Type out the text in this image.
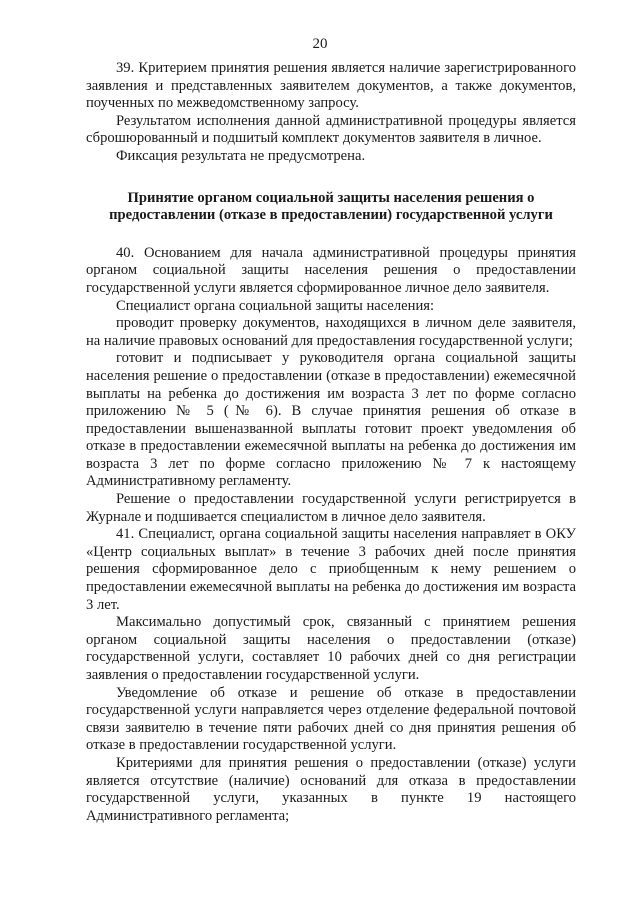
20

39. Критерием принятия решения является наличие зарегистрированного заявления и представленных заявителем документов, а также документов, поученных по межведомственному запросу.

Результатом исполнения данной административной процедуры является сброшюрованный и подшитый комплект документов заявителя в личное.

Фиксация результата не предусмотрена.

Принятие органом социальной защиты населения решения о предоставлении (отказе в предоставлении) государственной услуги

40. Основанием для начала административной процедуры принятия органом социальной защиты населения решения о предоставлении государственной услуги является сформированное личное дело заявителя.

Специалист органа социальной защиты населения:

проводит проверку документов, находящихся в личном деле заявителя, на наличие правовых оснований для предоставления государственной услуги;

готовит и подписывает у руководителя органа социальной защиты населения решение о предоставлении (отказе в предоставлении) ежемесячной выплаты на ребенка до достижения им возраста 3 лет по форме согласно приложению № 5 (№ 6). В случае принятия решения об отказе в предоставлении вышеназванной выплаты готовит проект уведомления об отказе в предоставлении ежемесячной выплаты на ребенка до достижения им возраста 3 лет по форме согласно приложению № 7 к настоящему Административному регламенту.

Решение о предоставлении государственной услуги регистрируется в Журнале и подшивается специалистом в личное дело заявителя.

41. Специалист, органа социальной защиты населения направляет в ОКУ «Центр социальных выплат» в течение 3 рабочих дней после принятия решения сформированное дело с приобщенным к нему решением о предоставлении ежемесячной выплаты на ребенка до достижения им возраста 3 лет.

Максимально допустимый срок, связанный с принятием решения органом социальной защиты населения о предоставлении (отказе) государственной услуги, составляет 10 рабочих дней со дня регистрации заявления о предоставлении государственной услуги.

Уведомление об отказе и решение об отказе в предоставлении государственной услуги направляется через отделение федеральной почтовой связи заявителю в течение пяти рабочих дней со дня принятия решения об отказе в предоставлении государственной услуги.

Критериями для принятия решения о предоставлении (отказе) услуги является отсутствие (наличие) оснований для отказа в предоставлении государственной услуги, указанных в пункте 19 настоящего Административного регламента;
